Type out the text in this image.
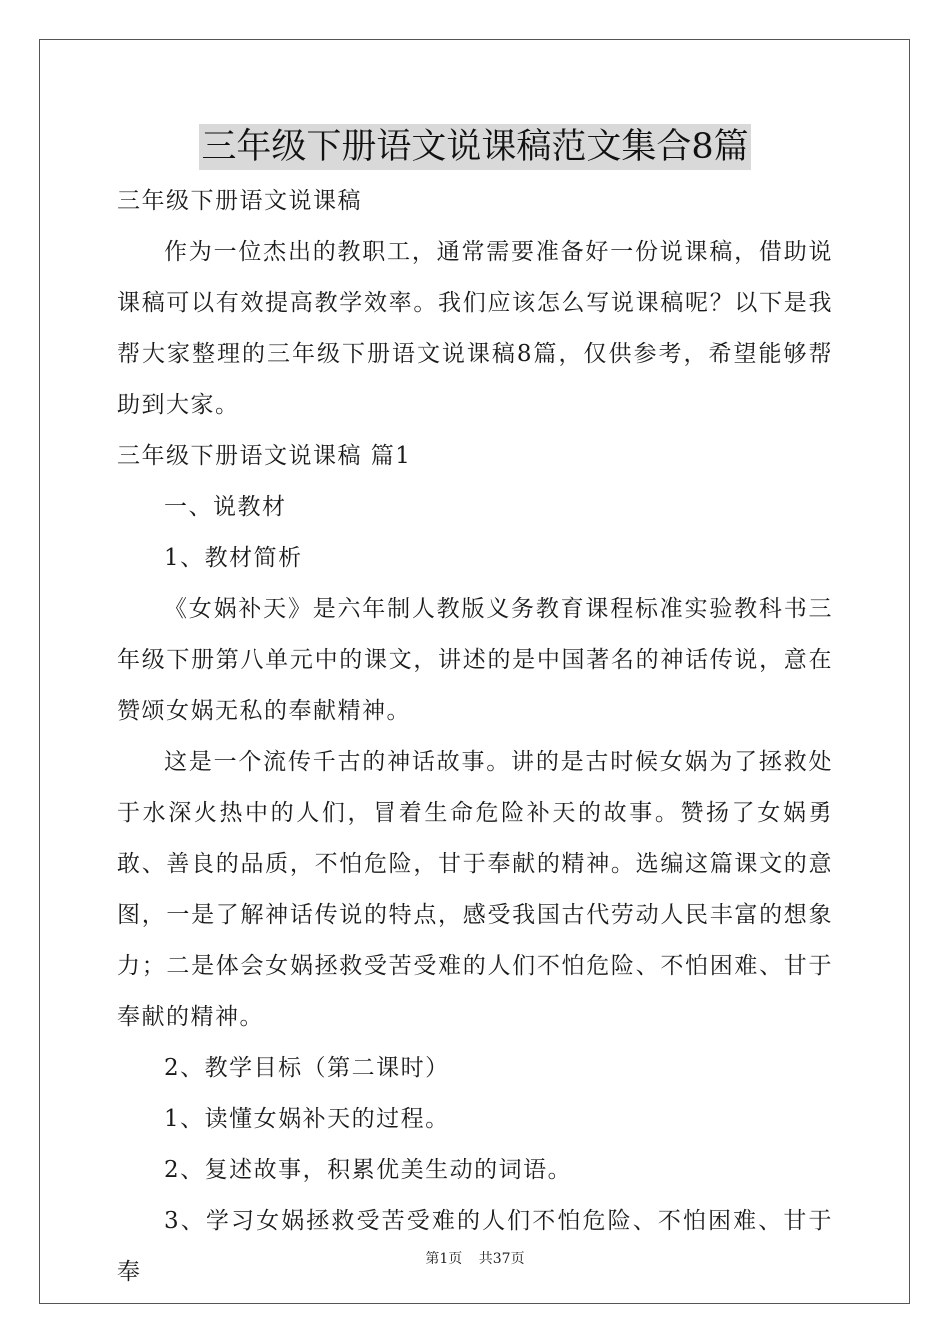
三年级下册语文说课稿范文集合8篇

三年级下册语文说课稿

作为一位杰出的教职工，通常需要准备好一份说课稿，借助说课稿可以有效提高教学效率。我们应该怎么写说课稿呢？以下是我帮大家整理的三年级下册语文说课稿8篇，仅供参考，希望能够帮助到大家。

三年级下册语文说课稿 篇1

一、说教材

1、教材简析

《女娲补天》是六年制人教版义务教育课程标准实验教科书三年级下册第八单元中的课文，讲述的是中国著名的神话传说，意在赞颂女娲无私的奉献精神。

这是一个流传千古的神话故事。讲的是古时候女娲为了拯救处于水深火热中的人们，冒着生命危险补天的故事。赞扬了女娲勇敢、善良的品质，不怕危险，甘于奉献的精神。选编这篇课文的意图，一是了解神话传说的特点，感受我国古代劳动人民丰富的想象力；二是体会女娲拯救受苦受难的人们不怕危险、不怕困难、甘于奉献的精神。

2、教学目标（第二课时）

1、读懂女娲补天的过程。

2、复述故事，积累优美生动的词语。

3、学习女娲拯救受苦受难的人们不怕危险、不怕困难、甘于奉	第1页 共37页
